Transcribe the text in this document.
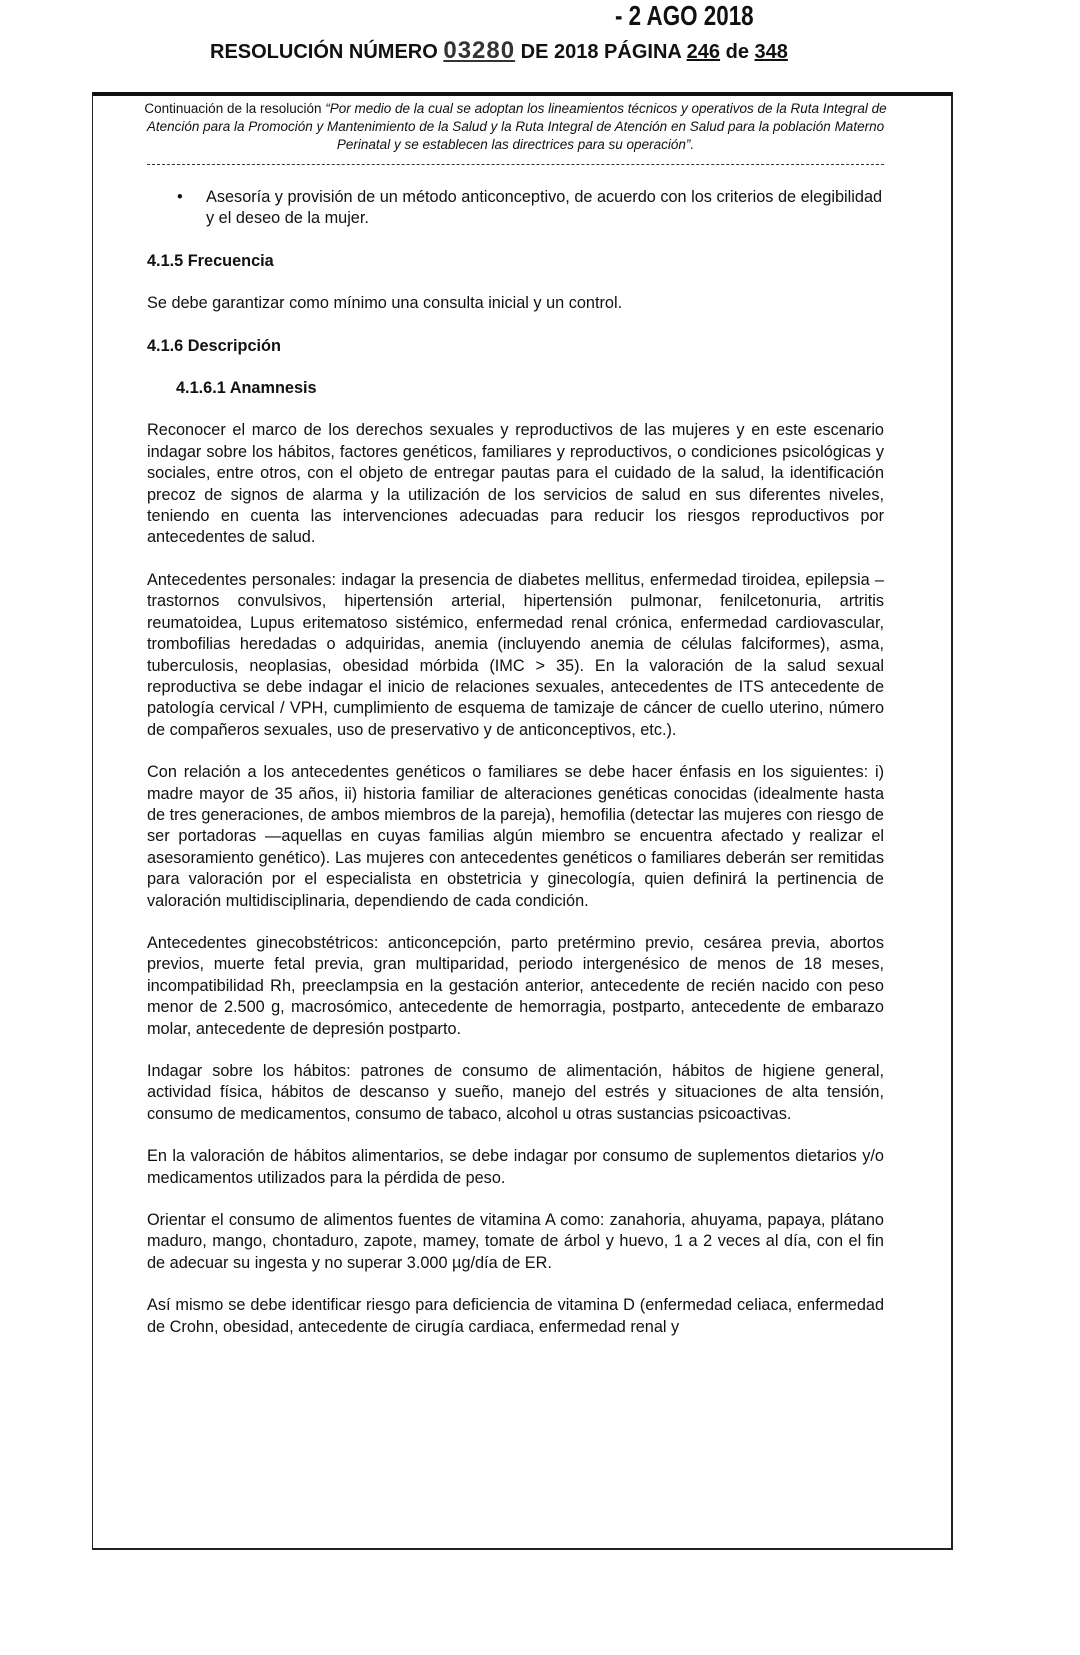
- 2 AGO 2018
RESOLUCIÓN NÚMERO 03280 DE 2018 PÁGINA 246 de 348
Continuación de la resolución “Por medio de la cual se adoptan los lineamientos técnicos y operativos de la Ruta Integral de Atención para la Promoción y Mantenimiento de la Salud y la Ruta Integral de Atención en Salud para la población Materno Perinatal y se establecen las directrices para su operación”.
•	Asesoría y provisión de un método anticonceptivo, de acuerdo con los criterios de elegibilidad y el deseo de la mujer.
4.1.5 Frecuencia
Se debe garantizar como mínimo una consulta inicial y un control.
4.1.6 Descripción
4.1.6.1 Anamnesis
Reconocer el marco de los derechos sexuales y reproductivos de las mujeres y en este escenario indagar sobre los hábitos, factores genéticos, familiares y reproductivos, o condiciones psicológicas y sociales, entre otros, con el objeto de entregar pautas para el cuidado de la salud, la identificación precoz de signos de alarma y la utilización de los servicios de salud en sus diferentes niveles, teniendo en cuenta las intervenciones adecuadas para reducir los riesgos reproductivos por antecedentes de salud.
Antecedentes personales: indagar la presencia de diabetes mellitus, enfermedad tiroidea, epilepsia – trastornos convulsivos, hipertensión arterial, hipertensión pulmonar, fenilcetonuria, artritis reumatoidea, Lupus eritematoso sistémico, enfermedad renal crónica, enfermedad cardiovascular, trombofilias heredadas o adquiridas, anemia (incluyendo anemia de células falciformes), asma, tuberculosis, neoplasias, obesidad mórbida (IMC > 35). En la valoración de la salud sexual reproductiva se debe indagar el inicio de relaciones sexuales, antecedentes de ITS antecedente de patología cervical / VPH, cumplimiento de esquema de tamizaje de cáncer de cuello uterino, número de compañeros sexuales, uso de preservativo y de anticonceptivos, etc.).
Con relación a los antecedentes genéticos o familiares se debe hacer énfasis en los siguientes: i) madre mayor de 35 años, ii) historia familiar de alteraciones genéticas conocidas (idealmente hasta de tres generaciones, de ambos miembros de la pareja), hemofilia (detectar las mujeres con riesgo de ser portadoras —aquellas en cuyas familias algún miembro se encuentra afectado y realizar el asesoramiento genético). Las mujeres con antecedentes genéticos o familiares deberán ser remitidas para valoración por el especialista en obstetricia y ginecología, quien definirá la pertinencia de valoración multidisciplinaria, dependiendo de cada condición.
Antecedentes ginecobstétricos: anticoncepción, parto pretérmino previo, cesárea previa, abortos previos, muerte fetal previa, gran multiparidad, periodo intergenésico de menos de 18 meses, incompatibilidad Rh, preeclampsia en la gestación anterior, antecedente de recién nacido con peso menor de 2.500 g, macrosómico, antecedente de hemorragia, postparto, antecedente de embarazo molar, antecedente de depresión postparto.
Indagar sobre los hábitos: patrones de consumo de alimentación, hábitos de higiene general, actividad física, hábitos de descanso y sueño, manejo del estrés y situaciones de alta tensión, consumo de medicamentos, consumo de tabaco, alcohol u otras sustancias psicoactivas.
En la valoración de hábitos alimentarios, se debe indagar por consumo de suplementos dietarios y/o medicamentos utilizados para la pérdida de peso.
Orientar el consumo de alimentos fuentes de vitamina A como: zanahoria, ahuyama, papaya, plátano maduro, mango, chontaduro, zapote, mamey, tomate de árbol y huevo, 1 a 2 veces al día, con el fin de adecuar su ingesta y no superar 3.000 µg/día de ER.
Así mismo se debe identificar riesgo para deficiencia de vitamina D (enfermedad celiaca, enfermedad de Crohn, obesidad, antecedente de cirugía cardiaca, enfermedad renal y
